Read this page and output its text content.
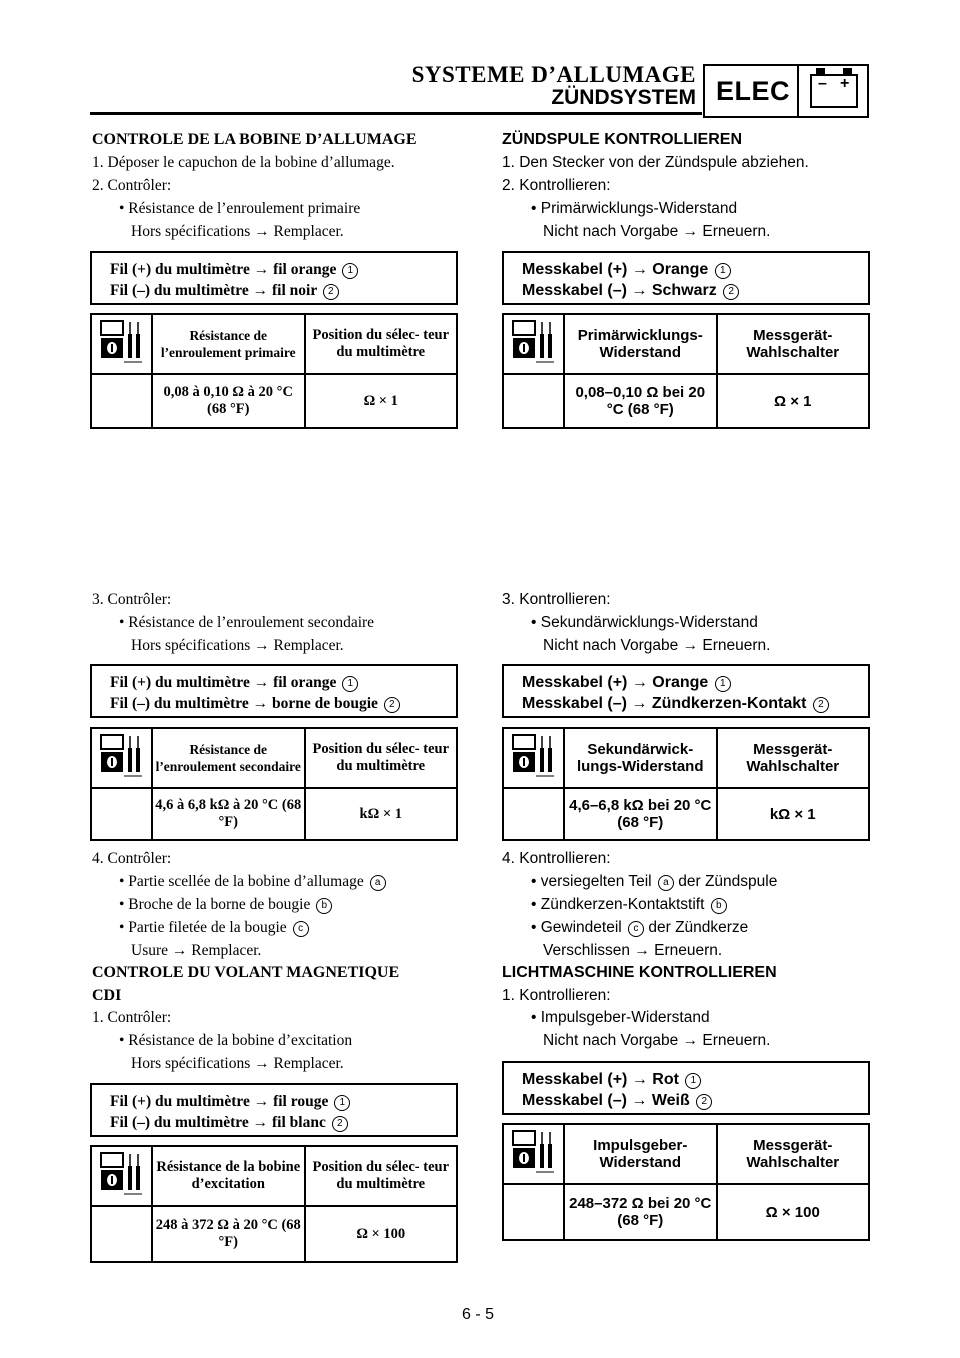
SYSTEME D’ALLUMAGE
ZÜNDSYSTEM ELEC – +
CONTROLE DE LA BOBINE D’ALLUMAGE
1. Déposer le capuchon de la bobine d’allumage.
2. Contrôler:
• Résistance de l’enroulement primaire
Hors spécifications → Remplacer.
Fil (+) du multimètre → fil orange 1
Fil (–) du multimètre → fil noir 2
	Résistance de l’enroulement primaire	Position du sélec- teur du multimètre
	0,08 à 0,10 Ω à 20 °C (68 °F)	Ω × 1
3. Contrôler:
• Résistance de l’enroulement secondaire
Hors spécifications → Remplacer.
Fil (+) du multimètre → fil orange 1
Fil (–) du multimètre → borne de bougie 2
	Résistance de l’enroulement secondaire	Position du sélec- teur du multimètre
	4,6 à 6,8 kΩ à 20 °C (68 °F)	kΩ × 1
4. Contrôler:
• Partie scellée de la bobine d’allumage a
• Broche de la borne de bougie b
• Partie filetée de la bougie c
Usure → Remplacer.
CONTROLE DU VOLANT MAGNETIQUE
CDI
1. Contrôler:
• Résistance de la bobine d’excitation
Hors spécifications → Remplacer.
Fil (+) du multimètre → fil rouge 1
Fil (–) du multimètre → fil blanc 2
	Résistance de la bobine d’excitation	Position du sélec- teur du multimètre
	248 à 372 Ω à 20 °C (68 °F)	Ω × 100
ZÜNDSPULE KONTROLLIEREN
1. Den Stecker von der Zündspule abziehen.
2. Kontrollieren:
• Primärwicklungs-Widerstand
Nicht nach Vorgabe → Erneuern.
Messkabel (+) → Orange 1
Messkabel (–) → Schwarz 2
	Primärwicklungs- Widerstand	Messgerät- Wahlschalter
	0,08–0,10 Ω bei 20 °C (68 °F)	Ω × 1
3. Kontrollieren:
• Sekundärwicklungs-Widerstand
Nicht nach Vorgabe → Erneuern.
Messkabel (+) → Orange 1
Messkabel (–) → Zündkerzen-Kontakt 2
	Sekundärwick- lungs-Widerstand	Messgerät- Wahlschalter
	4,6–6,8 kΩ bei 20 °C (68 °F)	kΩ × 1
4. Kontrollieren:
• versiegelten Teil a der Zündspule
• Zündkerzen-Kontaktstift b
• Gewindeteil c der Zündkerze
Verschlissen → Erneuern.
LICHTMASCHINE KONTROLLIEREN
1. Kontrollieren:
• Impulsgeber-Widerstand
Nicht nach Vorgabe → Erneuern.
Messkabel (+) → Rot 1
Messkabel (–) → Weiß 2
	Impulsgeber- Widerstand	Messgerät- Wahlschalter
	248–372 Ω bei 20 °C (68 °F)	Ω × 100
6 - 5
